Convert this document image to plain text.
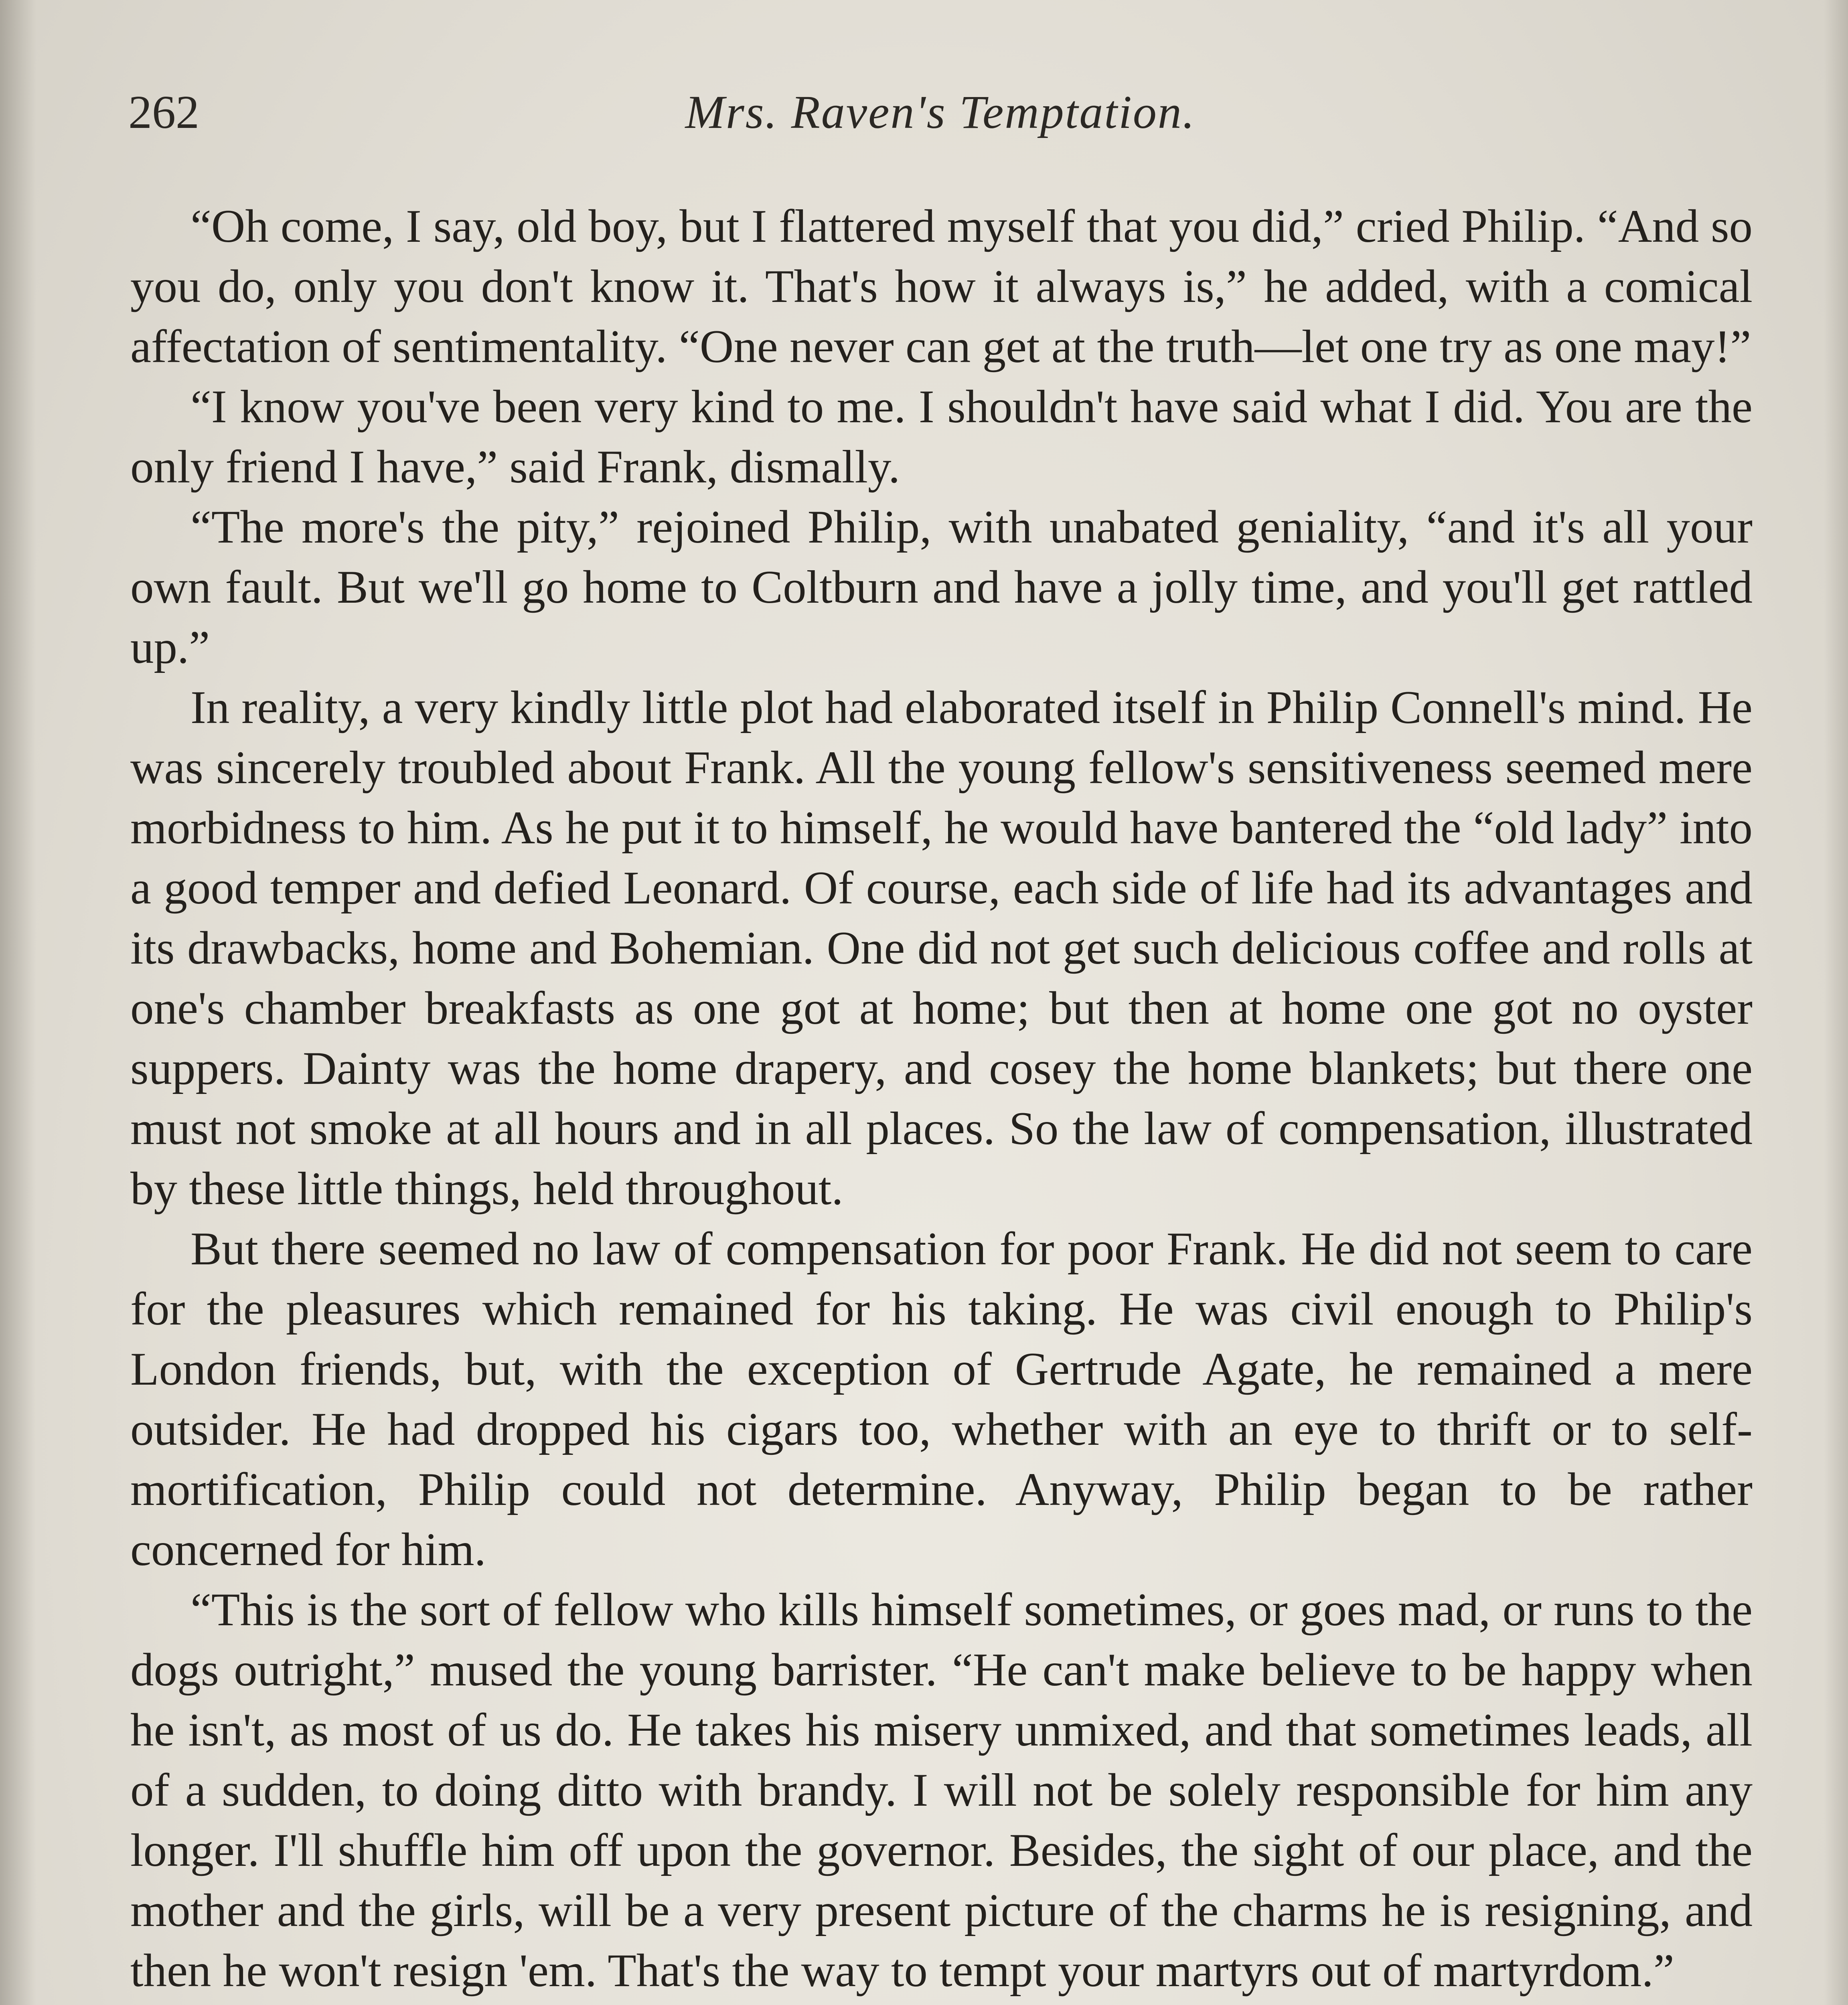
262	Mrs. Raven's Temptation.

“Oh come, I say, old boy, but I flattered myself that you did,” cried Philip. “And so you do, only you don't know it. That's how it always is,” he added, with a comical affectation of sentimentality. “One never can get at the truth—let one try as one may!”

“I know you've been very kind to me. I shouldn't have said what I did. You are the only friend I have,” said Frank, dismally.

“The more's the pity,” rejoined Philip, with unabated geniality, “and it's all your own fault. But we'll go home to Coltburn and have a jolly time, and you'll get rattled up.”

In reality, a very kindly little plot had elaborated itself in Philip Connell's mind. He was sincerely troubled about Frank. All the young fellow's sensitiveness seemed mere morbidness to him. As he put it to himself, he would have bantered the “old lady” into a good temper and defied Leonard. Of course, each side of life had its advantages and its drawbacks, home and Bohemian. One did not get such delicious coffee and rolls at one's chamber breakfasts as one got at home; but then at home one got no oyster suppers. Dainty was the home drapery, and cosey the home blankets; but there one must not smoke at all hours and in all places. So the law of compensation, illustrated by these little things, held throughout.

But there seemed no law of compensation for poor Frank. He did not seem to care for the pleasures which remained for his taking. He was civil enough to Philip's London friends, but, with the exception of Gertrude Agate, he remained a mere outsider. He had dropped his cigars too, whether with an eye to thrift or to self-mortification, Philip could not determine. Anyway, Philip began to be rather concerned for him.

“This is the sort of fellow who kills himself sometimes, or goes mad, or runs to the dogs outright,” mused the young barrister. “He can't make believe to be happy when he isn't, as most of us do. He takes his misery unmixed, and that sometimes leads, all of a sudden, to doing ditto with brandy. I will not be solely responsible for him any longer. I'll shuffle him off upon the governor. Besides, the sight of our place, and the mother and the girls, will be a very present picture of the charms he is resigning, and then he won't resign 'em. That's the way to tempt your martyrs out of martyrdom.”
